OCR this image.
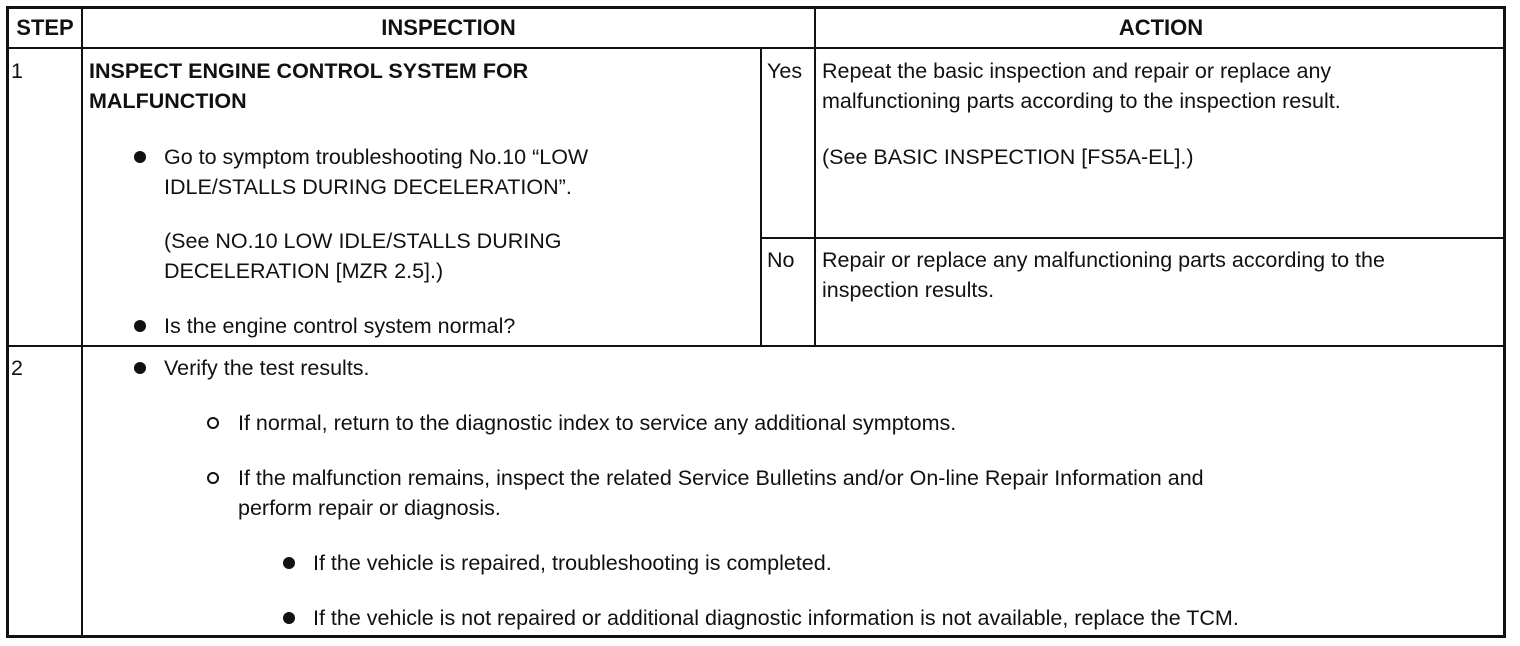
STEP	INSPECTION	ACTION
1	INSPECT ENGINE CONTROL SYSTEM FOR
MALFUNCTION
Go to symptom troubleshooting No.10 “LOW
IDLE/STALLS DURING DECELERATION”.
(See NO.10 LOW IDLE/STALLS DURING
DECELERATION [MZR 2.5].)
Is the engine control system normal?
Yes Repeat the basic inspection and repair or replace any
malfunctioning parts according to the inspection result.
(See BASIC INSPECTION [FS5A-EL].)
No Repair or replace any malfunctioning parts according to the
inspection results.
2	Verify the test results.
If normal, return to the diagnostic index to service any additional symptoms.
If the malfunction remains, inspect the related Service Bulletins and/or On-line Repair Information and
perform repair or diagnosis.
If the vehicle is repaired, troubleshooting is completed.
If the vehicle is not repaired or additional diagnostic information is not available, replace the TCM.
